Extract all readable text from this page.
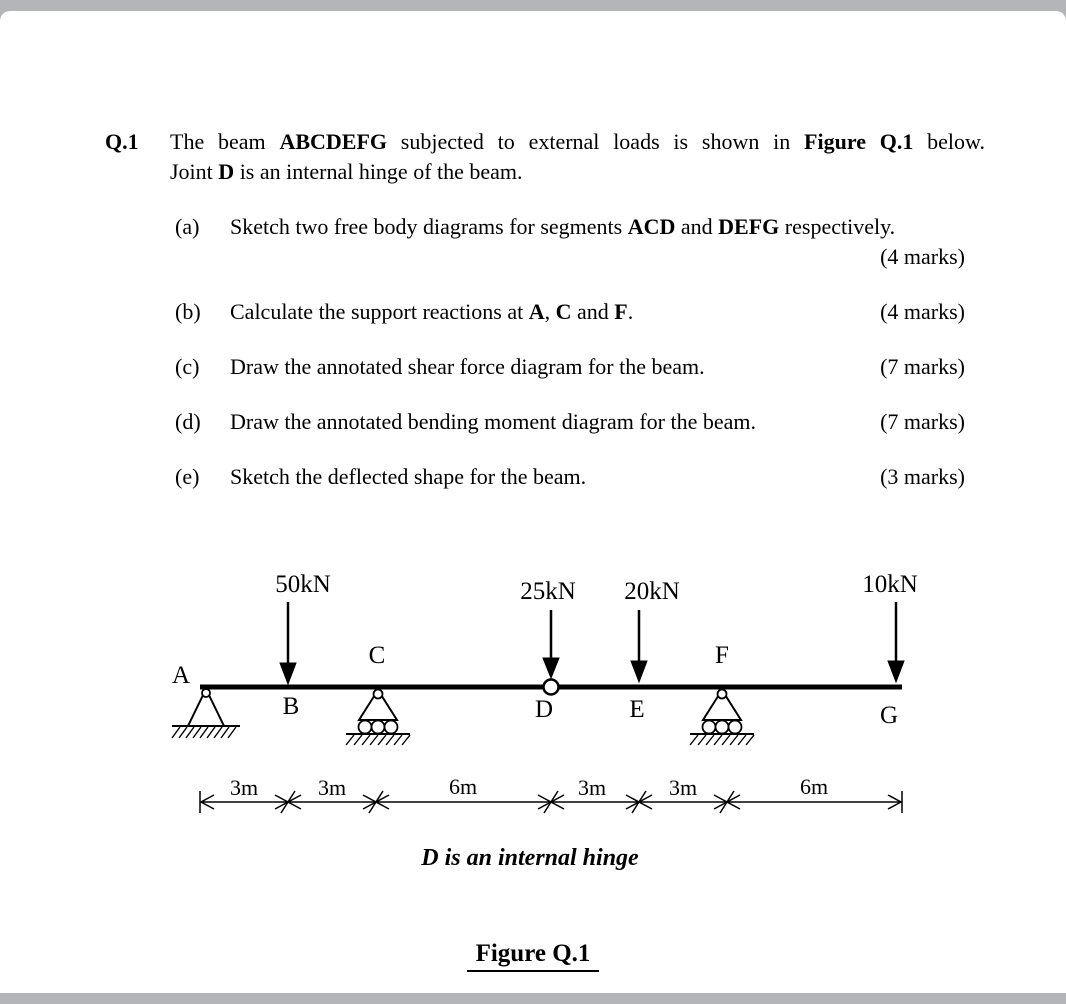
Q.1	The beam ABCDEFG subjected to external loads is shown in Figure Q.1 below.
Joint D is an internal hinge of the beam.
(a)	Sketch two free body diagrams for segments ACD and DEFG respectively.
(4 marks)
(b)	Calculate the support reactions at A, C and F.	(4 marks)
(c)	Draw the annotated shear force diagram for the beam.	(7 marks)
(d)	Draw the annotated bending moment diagram for the beam.	(7 marks)
(e)	Sketch the deflected shape for the beam.	(3 marks)
50kN	25kN 20kN	10kN
A
B
C
D	E
F
G
3m	3m	6m	3m	3m	6m
D is an internal hinge
Figure Q.1
